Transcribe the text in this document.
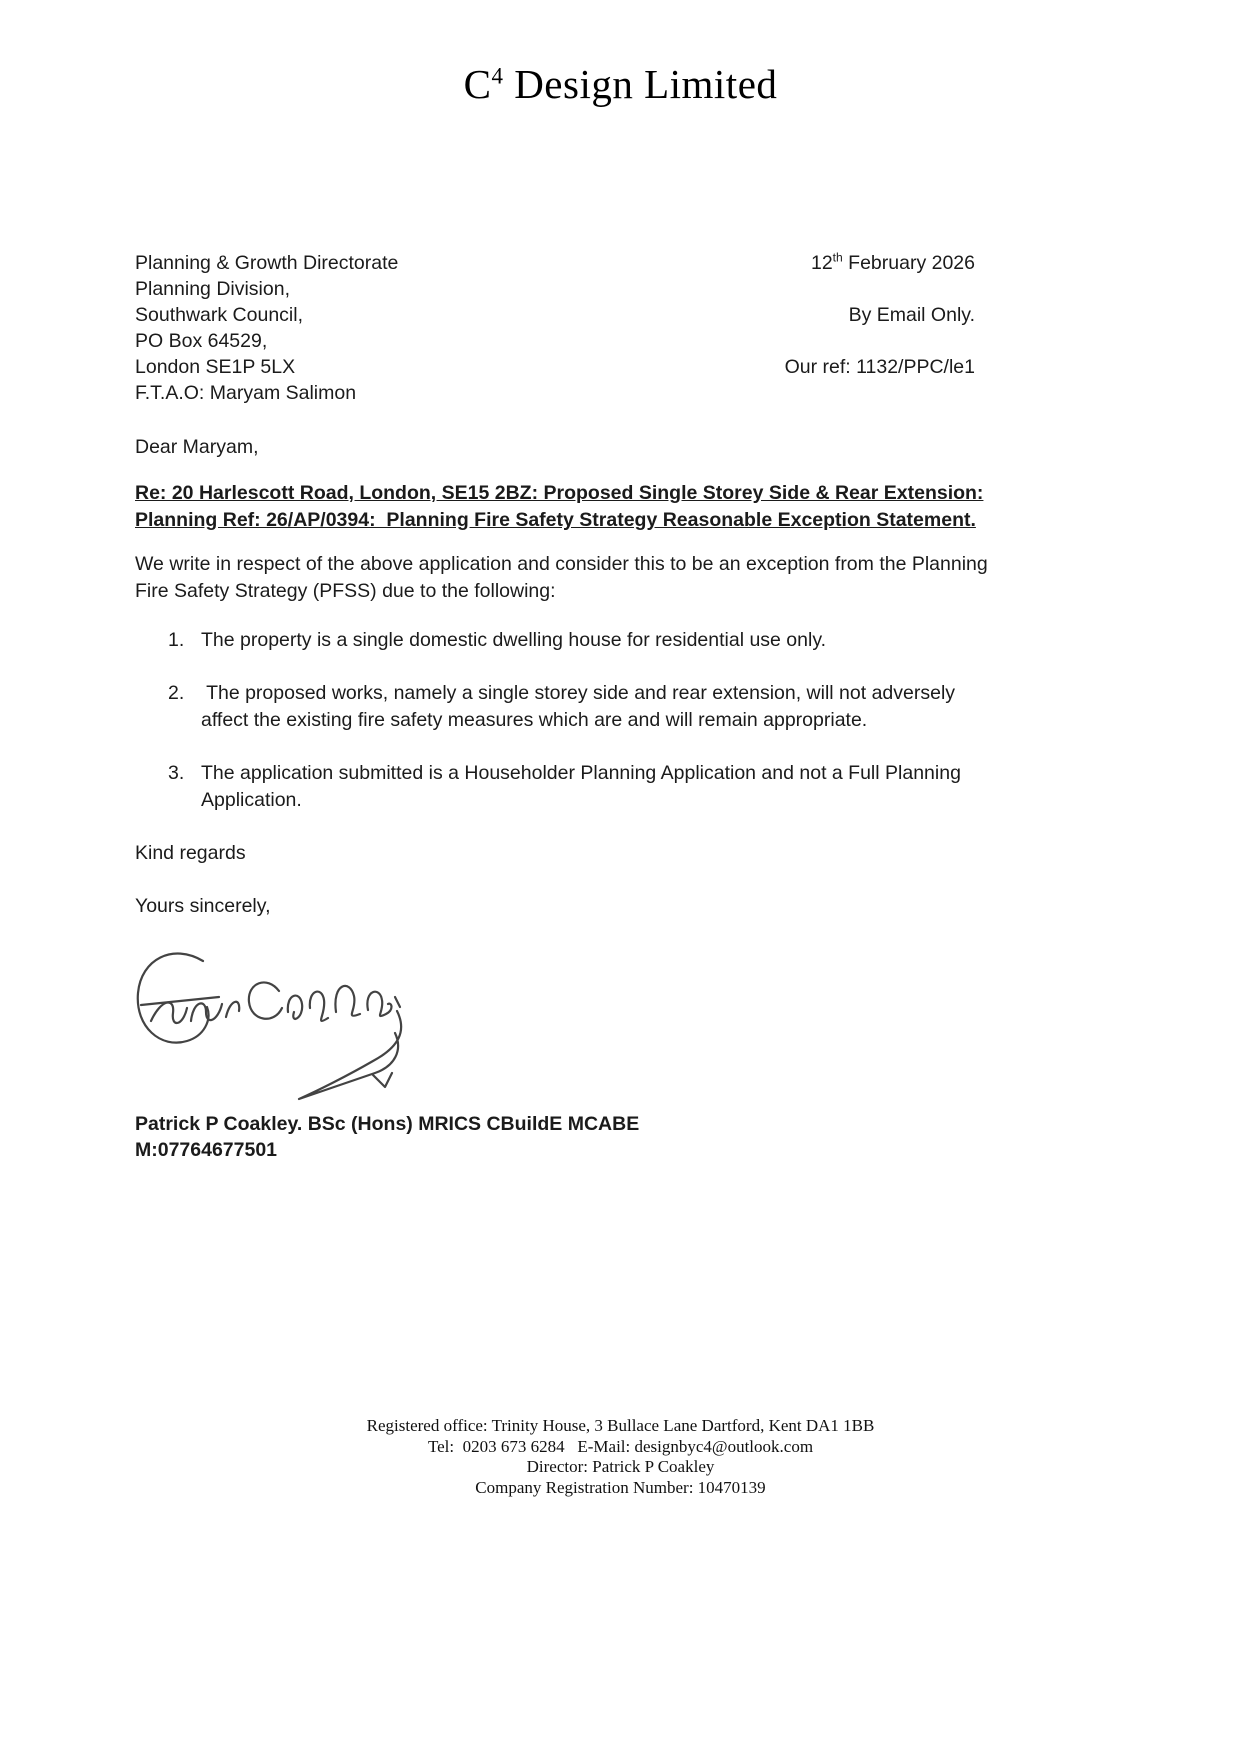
$C^4$ Design Limited
Planning & Growth Directorate
Planning Division,
Southwark Council,
PO Box 64529,
London SE1P 5LX
F.T.A.O: Maryam Salimon
12th February 2026
By Email Only.
Our ref: 1132/PPC/le1
Dear Maryam,
Re: 20 Harlescott Road, London, SE15 2BZ: Proposed Single Storey Side & Rear Extension:
Planning Ref: 26/AP/0394:  Planning Fire Safety Strategy Reasonable Exception Statement.
We write in respect of the above application and consider this to be an exception from the Planning
Fire Safety Strategy (PFSS) due to the following:
1. The property is a single domestic dwelling house for residential use only.
2. The proposed works, namely a single storey side and rear extension, will not adversely
affect the existing fire safety measures which are and will remain appropriate.
3. The application submitted is a Householder Planning Application and not a Full Planning
Application.
Kind regards
Yours sincerely,
Patrick P Coakley. BSc (Hons) MRICS CBuildE MCABE
M:07764677501
Registered office: Trinity House, 3 Bullace Lane Dartford, Kent DA1 1BB
Tel:  0203 673 6284   E-Mail: designbyc4@outlook.com
Director: Patrick P Coakley
Company Registration Number: 10470139
